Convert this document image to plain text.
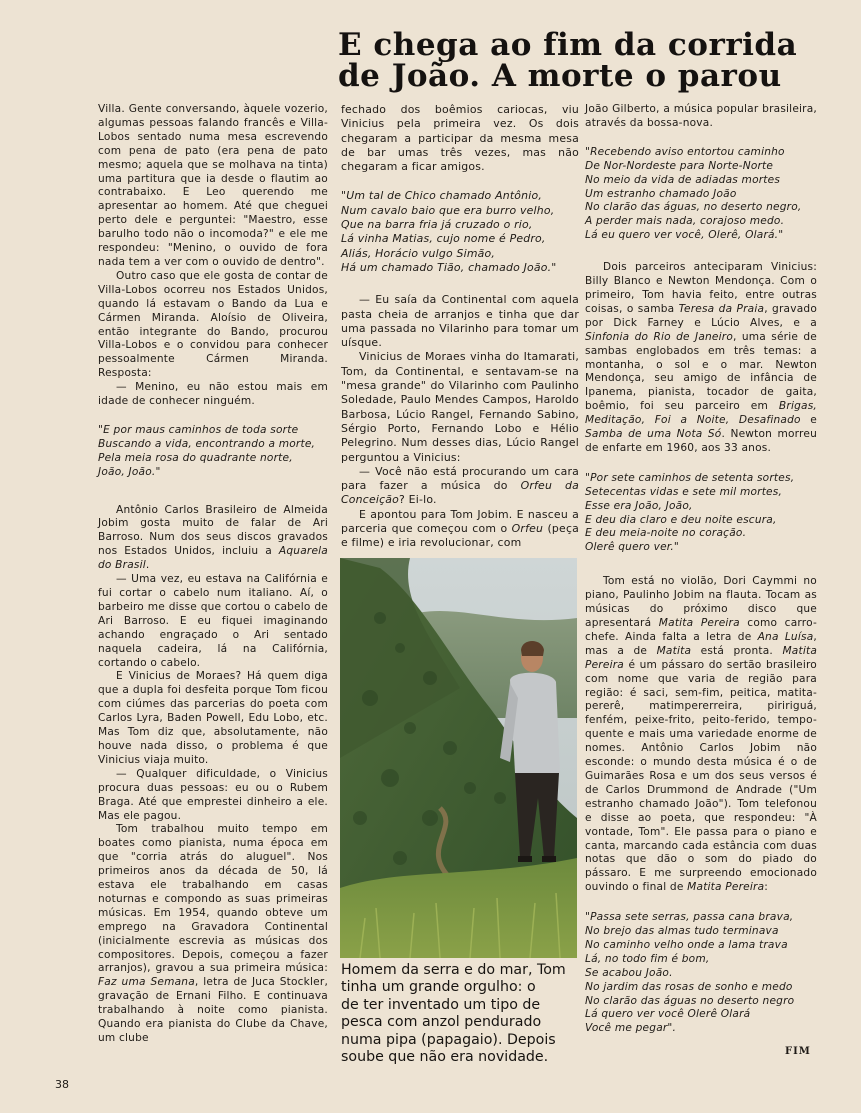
E chega ao fim da corrida
de João. A morte o parou

Villa. Gente conversando, àquele vozerio, algumas pessoas falando francês e Villa-Lobos sentado numa mesa escrevendo com pena de pato (era pena de pato mesmo; aquela que se molhava na tinta) uma partitura que ia desde o flautim ao contrabaixo. E Leo querendo me apresentar ao homem. Até que cheguei perto dele e perguntei: "Maestro, esse barulho todo não o incomoda?" e ele me respondeu: "Menino, o ouvido de fora nada tem a ver com o ouvido de dentro".

Outro caso que ele gosta de contar de Villa-Lobos ocorreu nos Estados Unidos, quando lá estavam o Bando da Lua e Cármen Miranda. Aloísio de Oliveira, então integrante do Bando, procurou Villa-Lobos e o convidou para conhecer pessoalmente Cármen Miranda. Resposta:

— Menino, eu não estou mais em idade de conhecer ninguém.

"E por maus caminhos de toda sorte
Buscando a vida, encontrando a morte,
Pela meia rosa do quadrante norte,
João, João."

Antônio Carlos Brasileiro de Almeida Jobim gosta muito de falar de Ari Barroso. Num dos seus discos gravados nos Estados Unidos, incluiu a Aquarela do Brasil.

— Uma vez, eu estava na Califórnia e fui cortar o cabelo num italiano. Aí, o barbeiro me disse que cortou o cabelo de Ari Barroso. E eu fiquei imaginando achando engraçado o Ari sentado naquela cadeira, lá na Califórnia, cortando o cabelo.

E Vinicius de Moraes? Há quem diga que a dupla foi desfeita porque Tom ficou com ciúmes das parcerias do poeta com Carlos Lyra, Baden Powell, Edu Lobo, etc. Mas Tom diz que, absolutamente, não houve nada disso, o problema é que Vinicius viaja muito.

— Qualquer dificuldade, o Vinicius procura duas pessoas: eu ou o Rubem Braga. Até que emprestei dinheiro a ele. Mas ele pagou.

Tom trabalhou muito tempo em boates como pianista, numa época em que "corria atrás do aluguel". Nos primeiros anos da década de 50, lá estava ele trabalhando em casas noturnas e compondo as suas primeiras músicas. Em 1954, quando obteve um emprego na Gravadora Continental (inicialmente escrevia as músicas dos compositores. Depois, começou a fazer arranjos), gravou a sua primeira música: Faz uma Semana, letra de Juca Stockler, gravação de Ernani Filho. E continuava trabalhando à noite como pianista. Quando era pianista do Clube da Chave, um clube

fechado dos boêmios cariocas, viu Vinicius pela primeira vez. Os dois chegaram a participar da mesma mesa de bar umas três vezes, mas não chegaram a ficar amigos.

"Um tal de Chico chamado Antônio,
Num cavalo baio que era burro velho,
Que na barra fria já cruzado o rio,
Lá vinha Matias, cujo nome é Pedro,
Aliás, Horácio vulgo Simão,
Há um chamado Tião, chamado João."

— Eu saía da Continental com aquela pasta cheia de arranjos e tinha que dar uma passada no Vilarinho para tomar um uísque.

Vinicius de Moraes vinha do Itamarati, Tom, da Continental, e sentavam-se na "mesa grande" do Vilarinho com Paulinho Soledade, Paulo Mendes Campos, Haroldo Barbosa, Lúcio Rangel, Fernando Sabino, Sérgio Porto, Fernando Lobo e Hélio Pelegrino. Num desses dias, Lúcio Rangel perguntou a Vinicius:

— Você não está procurando um cara para fazer a música do Orfeu da Conceição? Ei-lo.

E apontou para Tom Jobim. E nasceu a parceria que começou com o Orfeu (peça e filme) e iria revolucionar, com

Homem da serra e do mar, Tom
tinha um grande orgulho: o
de ter inventado um tipo de
pesca com anzol pendurado
numa pipa (papagaio). Depois
soube que não era novidade.

João Gilberto, a música popular brasileira, através da bossa-nova.

"Recebendo aviso entortou caminho
De Nor-Nordeste para Norte-Norte
No meio da vida de adiadas mortes
Um estranho chamado João
No clarão das águas, no deserto negro,
A perder mais nada, corajoso medo.
Lá eu quero ver você, Olerê, Olará."

Dois parceiros anteciparam Vinicius: Billy Blanco e Newton Mendonça. Com o primeiro, Tom havia feito, entre outras coisas, o samba Teresa da Praia, gravado por Dick Farney e Lúcio Alves, e a Sinfonia do Rio de Janeiro, uma série de sambas englobados em três temas: a montanha, o sol e o mar. Newton Mendonça, seu amigo de infância de Ipanema, pianista, tocador de gaita, boêmio, foi seu parceiro em Brigas, Meditação, Foi a Noite, Desafinado e Samba de uma Nota Só. Newton morreu de enfarte em 1960, aos 33 anos.

"Por sete caminhos de setenta sortes,
Setecentas vidas e sete mil mortes,
Esse era João, João,
E deu dia claro e deu noite escura,
E deu meia-noite no coração.
Olerê quero ver."

Tom está no violão, Dori Caymmi no piano, Paulinho Jobim na flauta. Tocam as músicas do próximo disco que apresentará Matita Pereira como carro-chefe. Ainda falta a letra de Ana Luísa, mas a de Matita está pronta. Matita Pereira é um pássaro do sertão brasileiro com nome que varia de região para região: é saci, sem-fim, peitica, matita-pererê, matimpererreira, piririguá, fenfém, peixe-frito, peito-ferido, tempo-quente e mais uma variedade enorme de nomes. Antônio Carlos Jobim não esconde: o mundo desta música é o de Guimarães Rosa e um dos seus versos é de Carlos Drummond de Andrade ("Um estranho chamado João"). Tom telefonou e disse ao poeta, que respondeu: "À vontade, Tom". Ele passa para o piano e canta, marcando cada estância com duas notas que dão o som do piado do pássaro. E me surpreendo emocionado ouvindo o final de Matita Pereira:

"Passa sete serras, passa cana brava,
No brejo das almas tudo terminava
No caminho velho onde a lama trava
Lá, no todo fim é bom,
Se acabou João.
No jardim das rosas de sonho e medo
No clarão das águas no deserto negro
Lá quero ver você Olerê Olará
Você me pegar".
FIM
38
